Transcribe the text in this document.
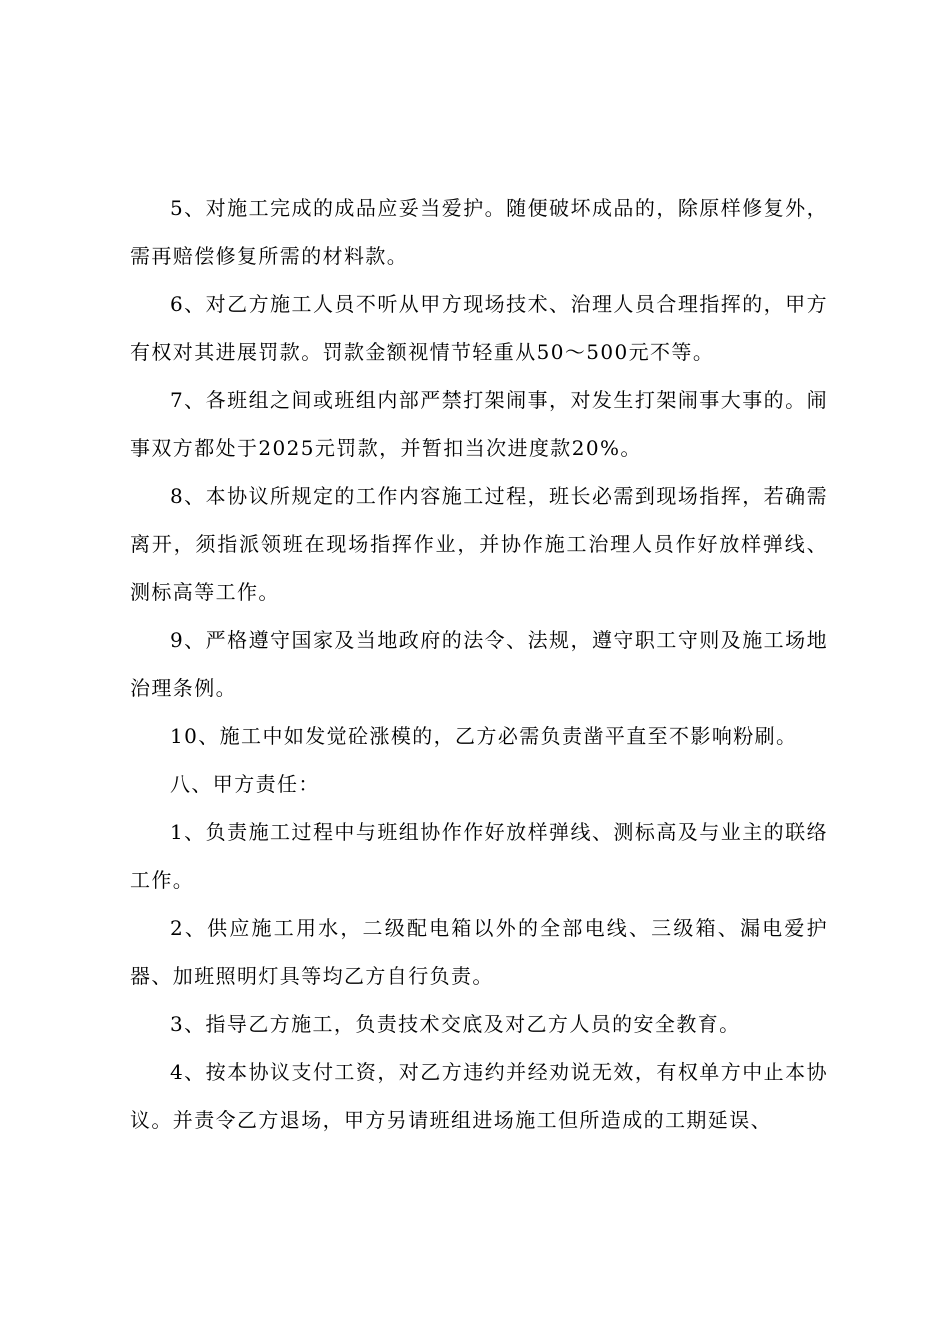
5、对施工完成的成品应妥当爱护。随便破坏成品的，除原样修复外，需再赔偿修复所需的材料款。

6、对乙方施工人员不听从甲方现场技术、治理人员合理指挥的，甲方有权对其进展罚款。罚款金额视情节轻重从50～500元不等。

7、各班组之间或班组内部严禁打架闹事，对发生打架闹事大事的。闹事双方都处于2025元罚款，并暂扣当次进度款20%。

8、本协议所规定的工作内容施工过程，班长必需到现场指挥，若确需离开，须指派领班在现场指挥作业，并协作施工治理人员作好放样弹线、测标高等工作。

9、严格遵守国家及当地政府的法令、法规，遵守职工守则及施工场地治理条例。

10、施工中如发觉砼涨模的，乙方必需负责凿平直至不影响粉刷。

八、甲方责任：

1、负责施工过程中与班组协作作好放样弹线、测标高及与业主的联络工作。

2、供应施工用水，二级配电箱以外的全部电线、三级箱、漏电爱护器、加班照明灯具等均乙方自行负责。

3、指导乙方施工，负责技术交底及对乙方人员的安全教育。

4、按本协议支付工资，对乙方违约并经劝说无效，有权单方中止本协议。并责令乙方退场，甲方另请班组进场施工但所造成的工期延误、
